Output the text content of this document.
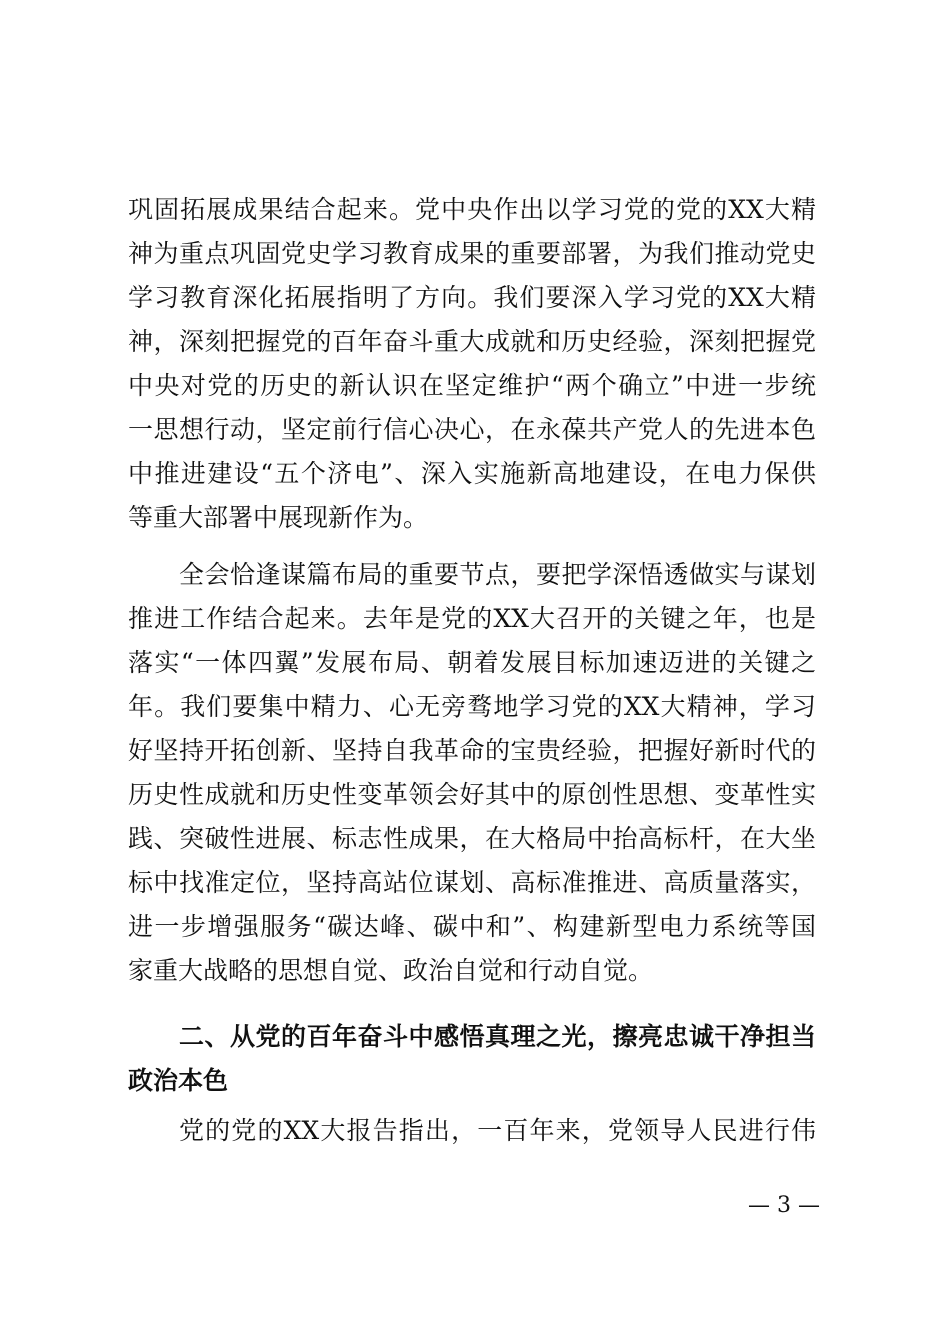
巩固拓展成果结合起来。党中央作出以学习党的党的XX大精
神为重点巩固党史学习教育成果的重要部署，为我们推动党史
学习教育深化拓展指明了方向。我们要深入学习党的XX大精
神，深刻把握党的百年奋斗重大成就和历史经验，深刻把握党
中央对党的历史的新认识在坚定维护“两个确立”中进一步统
一思想行动，坚定前行信心决心，在永葆共产党人的先进本色
中推进建设“五个济电”、深入实施新高地建设，在电力保供
等重大部署中展现新作为。
全会恰逢谋篇布局的重要节点，要把学深悟透做实与谋划
推进工作结合起来。去年是党的XX大召开的关键之年，也是
落实“一体四翼”发展布局、朝着发展目标加速迈进的关键之
年。我们要集中精力、心无旁骛地学习党的XX大精神，学习
好坚持开拓创新、坚持自我革命的宝贵经验，把握好新时代的
历史性成就和历史性变革领会好其中的原创性思想、变革性实
践、突破性进展、标志性成果，在大格局中抬高标杆，在大坐
标中找准定位，坚持高站位谋划、高标准推进、高质量落实，
进一步增强服务“碳达峰、碳中和”、构建新型电力系统等国
家重大战略的思想自觉、政治自觉和行动自觉。
二、从党的百年奋斗中感悟真理之光，擦亮忠诚干净担当
政治本色
党的党的XX大报告指出，一百年来，党领导人民进行伟
— 3 —
